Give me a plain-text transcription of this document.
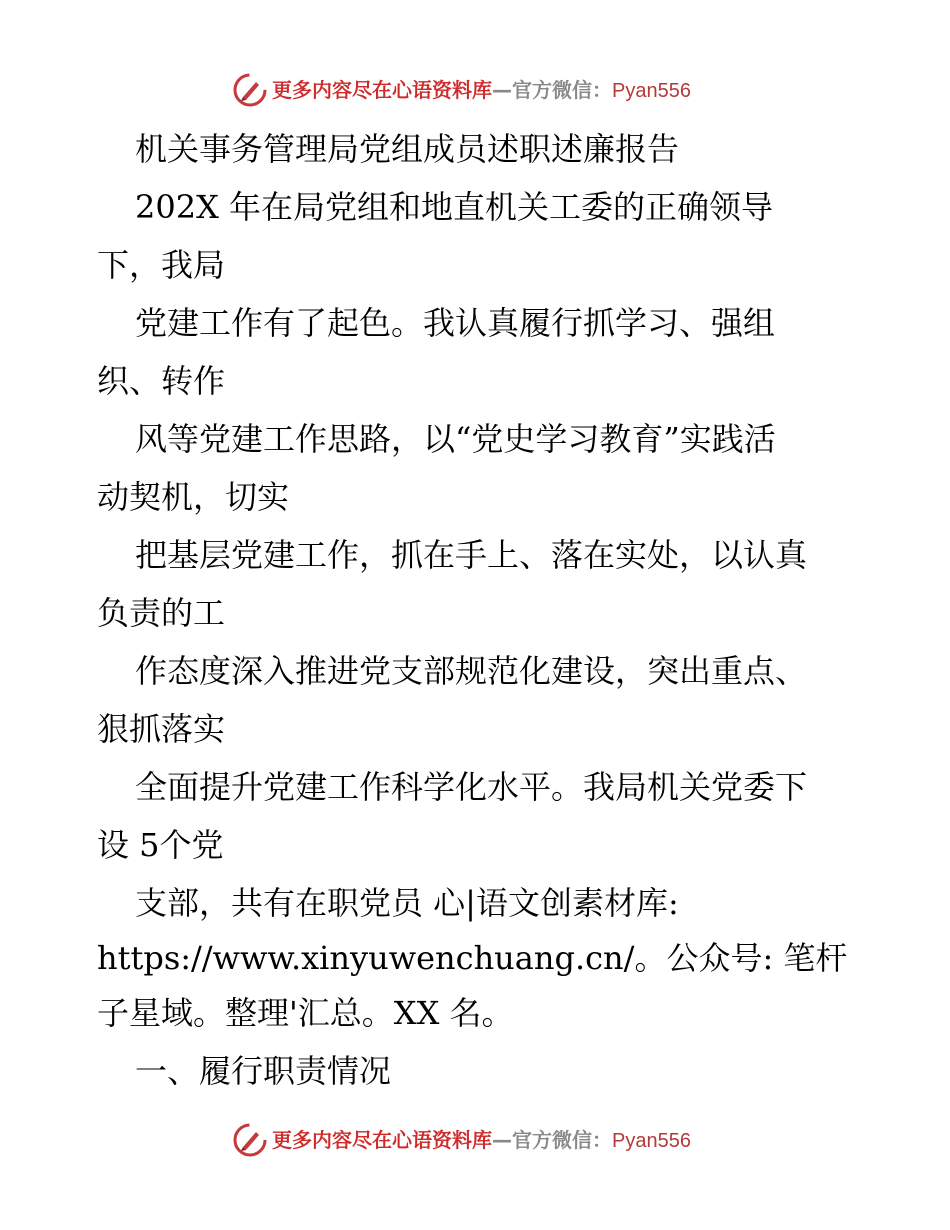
更多内容尽在心语资料库—官方微信：Pyan556
机关事务管理局党组成员述职述廉报告
202X 年在局党组和地直机关工委的正确领导
下，我局
党建工作有了起色。我认真履行抓学习、强组
织、转作
风等党建工作思路，以“党史学习教育”实践活
动契机，切实
把基层党建工作，抓在手上、落在实处，以认真
负责的工
作态度深入推进党支部规范化建设，突出重点、
狠抓落实
全面提升党建工作科学化水平。我局机关党委下
设 5个党
支部，共有在职党员 心|语文创素材库:
https://www.xinyuwenchuang.cn/。公众号: 笔杆
子星域。整理'汇总。XX 名。
一、履行职责情况
更多内容尽在心语资料库—官方微信：Pyan556
